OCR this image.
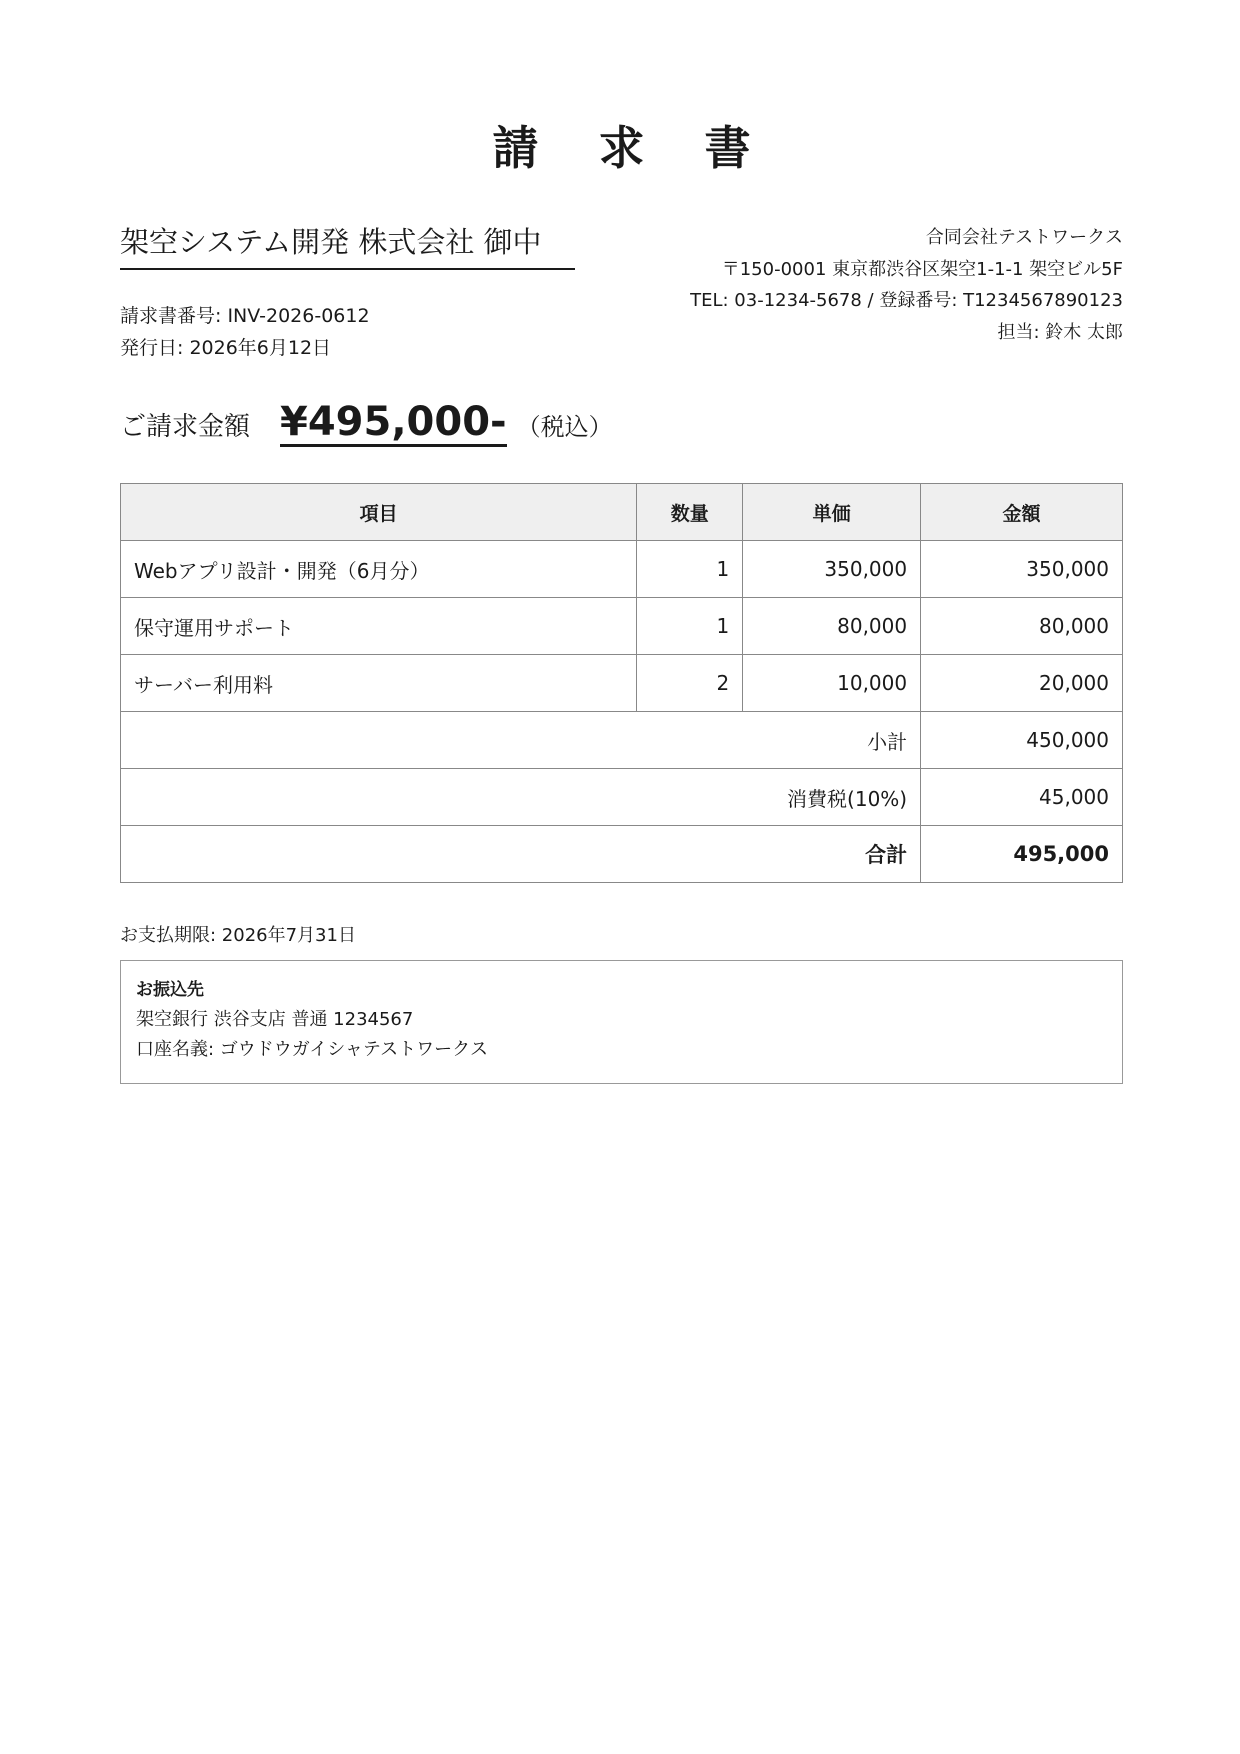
請求書
架空システム開発 株式会社 御中
請求書番号: INV-2026-0612
発行日: 2026年6月12日
合同会社テストワークス
〒150-0001 東京都渋谷区架空1-1-1 架空ビル5F
TEL: 03-1234-5678 / 登録番号: T1234567890123
担当: 鈴木 太郎
ご請求金額 ¥495,000- （税込）
項目	数量	単価	金額
Webアプリ設計・開発（6月分）	1	350,000	350,000
保守運用サポート	1	80,000	80,000
サーバー利用料	2	10,000	20,000
小計			450,000
消費税(10%)			45,000
合計			495,000
お支払期限: 2026年7月31日
お振込先
架空銀行 渋谷支店 普通 1234567
口座名義: ゴウドウガイシャテストワークス
